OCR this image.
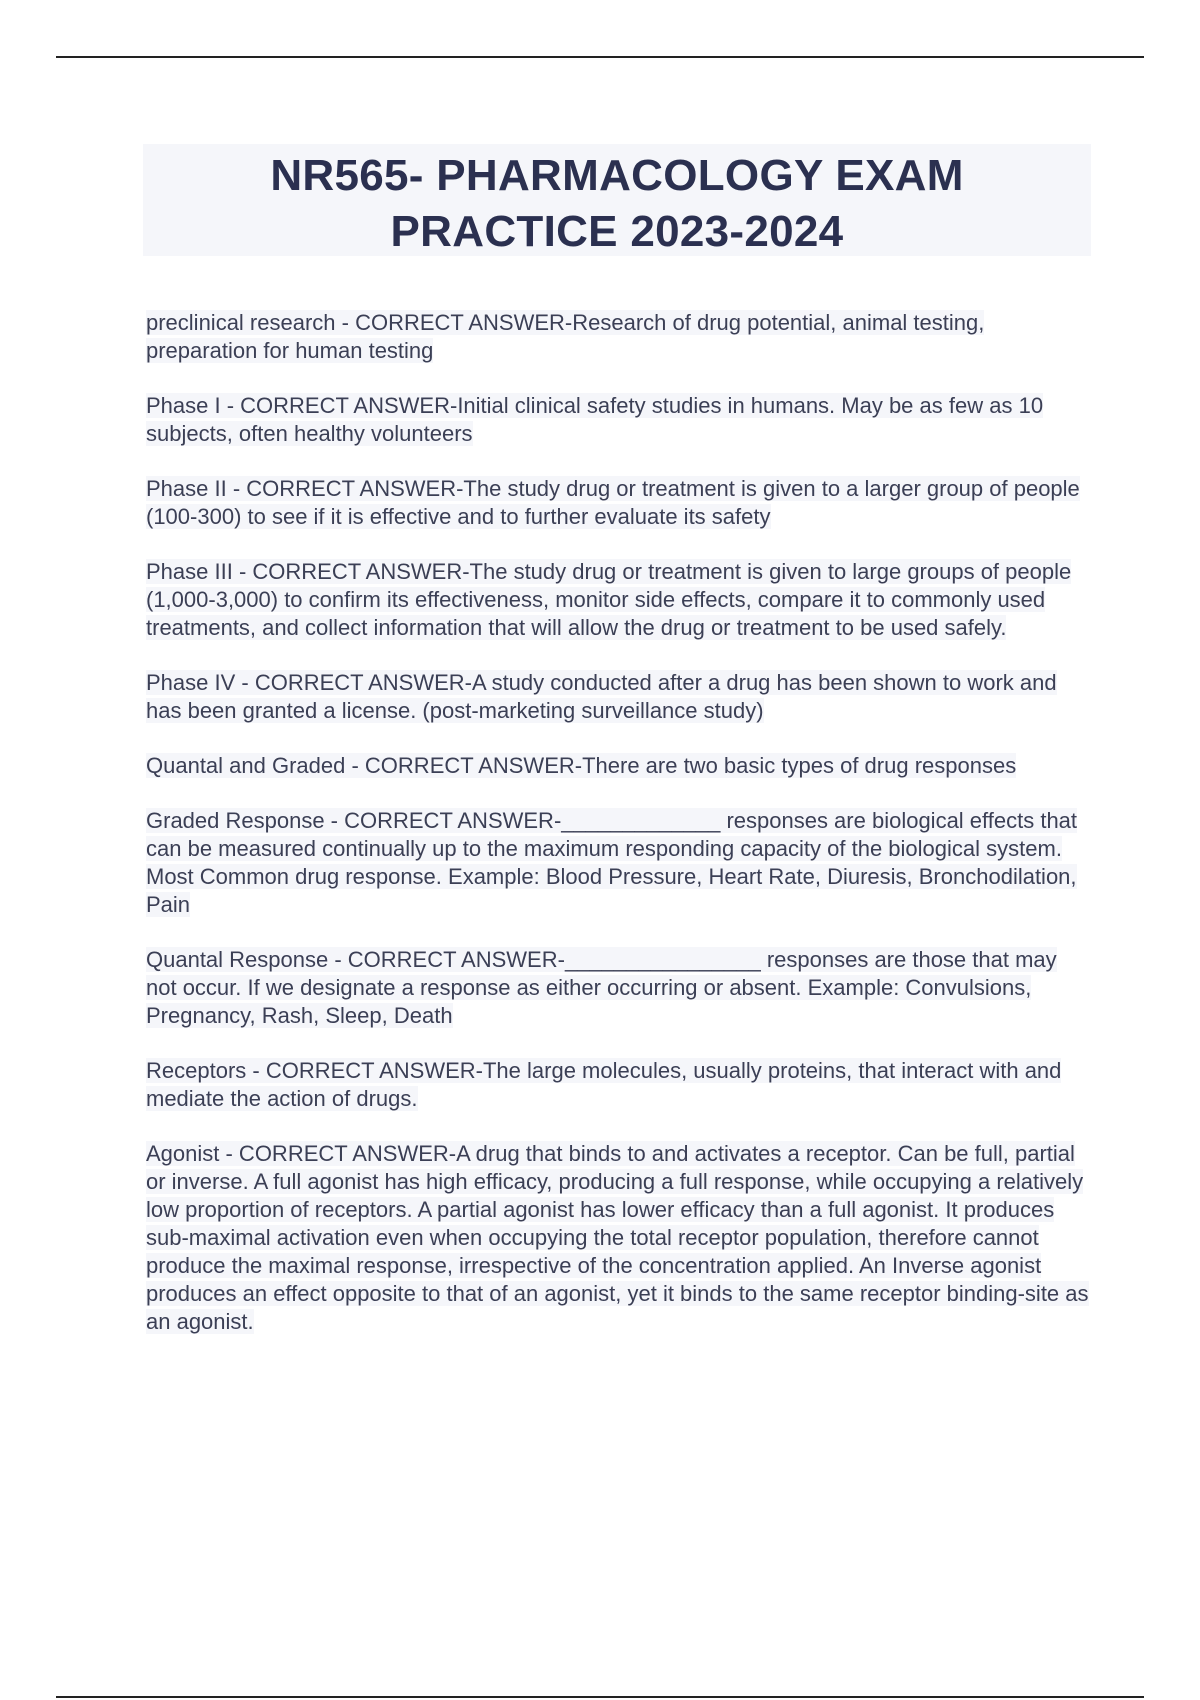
NR565- PHARMACOLOGY EXAM
PRACTICE 2023-2024

preclinical research - CORRECT ANSWER-Research of drug potential, animal testing, preparation for human testing

Phase I - CORRECT ANSWER-Initial clinical safety studies in humans. May be as few as 10 subjects, often healthy volunteers

Phase II - CORRECT ANSWER-The study drug or treatment is given to a larger group of people (100-300) to see if it is effective and to further evaluate its safety

Phase III - CORRECT ANSWER-The study drug or treatment is given to large groups of people (1,000-3,000) to confirm its effectiveness, monitor side effects, compare it to commonly used treatments, and collect information that will allow the drug or treatment to be used safely.

Phase IV - CORRECT ANSWER-A study conducted after a drug has been shown to work and has been granted a license. (post-marketing surveillance study)

Quantal and Graded - CORRECT ANSWER-There are two basic types of drug responses

Graded Response - CORRECT ANSWER-_____________ responses are biological effects that can be measured continually up to the maximum responding capacity of the biological system. Most Common drug response. Example: Blood Pressure, Heart Rate, Diuresis, Bronchodilation, Pain

Quantal Response - CORRECT ANSWER-________________ responses are those that may not occur. If we designate a response as either occurring or absent. Example: Convulsions, Pregnancy, Rash, Sleep, Death

Receptors - CORRECT ANSWER-The large molecules, usually proteins, that interact with and mediate the action of drugs.

Agonist - CORRECT ANSWER-A drug that binds to and activates a receptor. Can be full, partial or inverse. A full agonist has high efficacy, producing a full response, while occupying a relatively low proportion of receptors. A partial agonist has lower efficacy than a full agonist. It produces sub-maximal activation even when occupying the total receptor population, therefore cannot produce the maximal response, irrespective of the concentration applied. An Inverse agonist produces an effect opposite to that of an agonist, yet it binds to the same receptor binding-site as an agonist.
